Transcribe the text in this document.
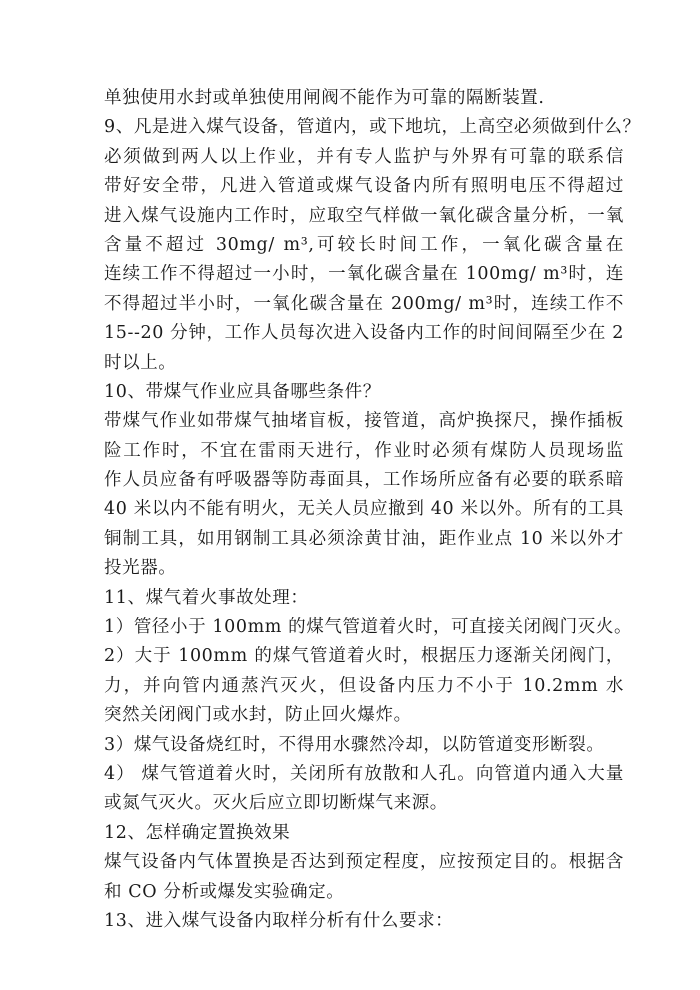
单独使用水封或单独使用闸阀不能作为可靠的隔断装置.
9、凡是进入煤气设备，管道内，或下地坑，上高空必须做到什么？
必须做到两人以上作业，并有专人监护与外界有可靠的联系信
带好安全带，凡进入管道或煤气设备内所有照明电压不得超过
进入煤气设施内工作时，应取空气样做一氧化碳含量分析，一氧
含量不超过 30mg/ m³,可较长时间工作，一氧化碳含量在
连续工作不得超过一小时，一氧化碳含量在 100mg/ m³时，连
不得超过半小时，一氧化碳含量在 200mg/ m³时，连续工作不
15--20 分钟，工作人员每次进入设备内工作的时间间隔至少在 2
时以上。
10、带煤气作业应具备哪些条件？
带煤气作业如带煤气抽堵盲板，接管道，高炉换探尺，操作插板
险工作时，不宜在雷雨天进行，作业时必须有煤防人员现场监
作人员应备有呼吸器等防毒面具，工作场所应备有必要的联系暗
40 米以内不能有明火，无关人员应撤到 40 米以外。所有的工具
铜制工具，如用钢制工具必须涂黄甘油，距作业点 10 米以外才
投光器。
11、煤气着火事故处理：
1）管径小于 100mm 的煤气管道着火时，可直接关闭阀门灭火。
2）大于 100mm 的煤气管道着火时，根据压力逐渐关闭阀门，
力，并向管内通蒸汽灭火，但设备内压力不小于 10.2mm 水
突然关闭阀门或水封，防止回火爆炸。
3）煤气设备烧红时，不得用水骤然冷却，以防管道变形断裂。
4） 煤气管道着火时，关闭所有放散和人孔。向管道内通入大量
或氮气灭火。灭火后应立即切断煤气来源。
12、怎样确定置换效果
煤气设备内气体置换是否达到预定程度，应按预定目的。根据含
和 CO 分析或爆发实验确定。
13、进入煤气设备内取样分析有什么要求：
